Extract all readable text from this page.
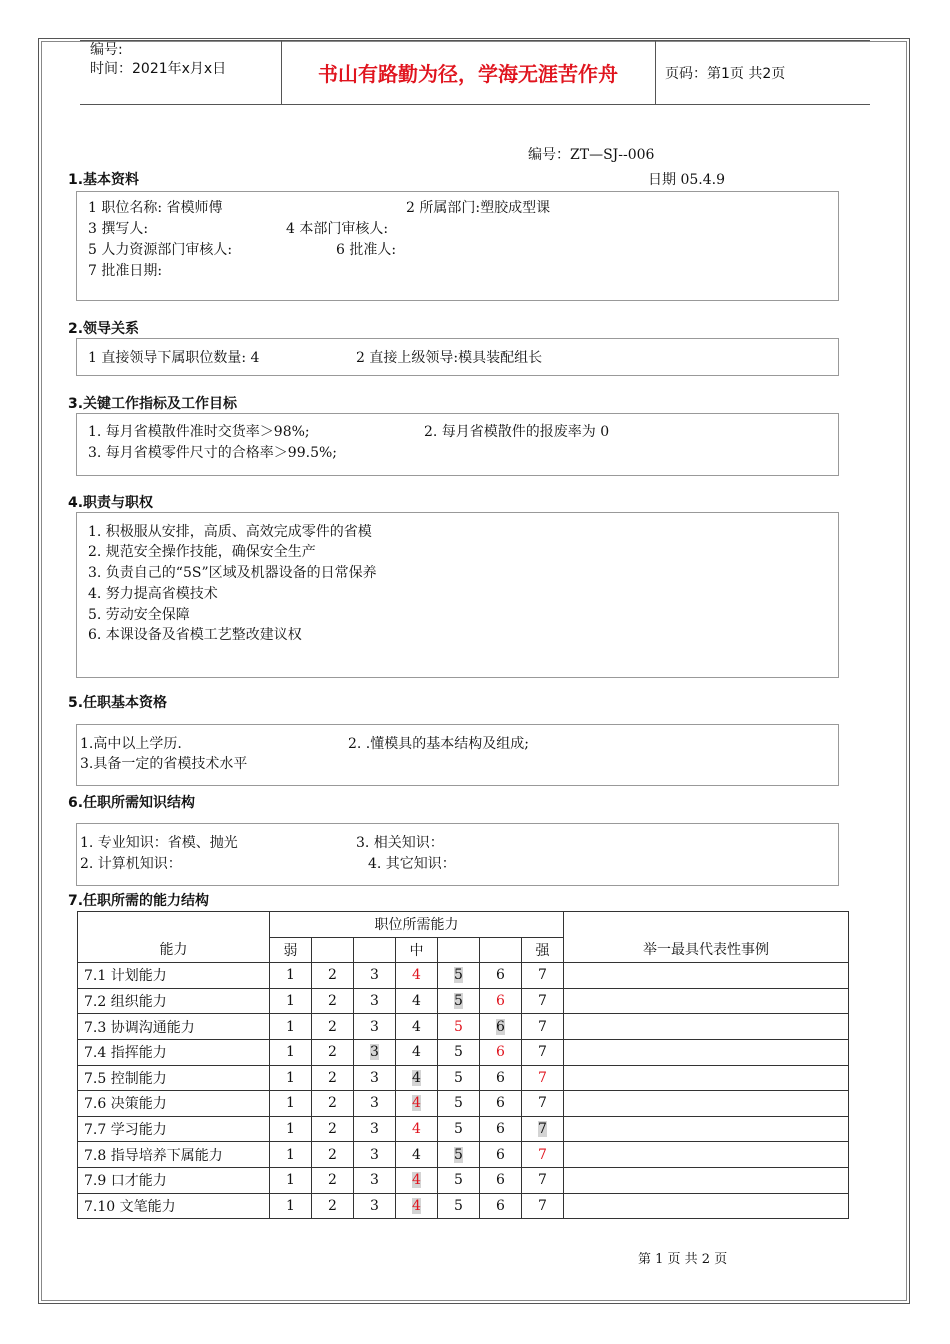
编号:
时间：2021年x月x日	书山有路勤为径，学海无涯苦作舟	页码：第1页 共2页
编号：ZT—SJ--006
日期 05.4.9
1.基本资料
1 职位名称: 省模师傅	2 所属部门:塑胶成型课
3 撰写人:	4 本部门审核人:
5 人力资源部门审核人:	6 批准人:
7 批准日期:
2.领导关系
1 直接领导下属职位数量: 4	2 直接上级领导:模具装配组长
3.关键工作指标及工作目标
1. 每月省模散件准时交货率＞98%;	2. 每月省模散件的报废率为 0
3. 每月省模零件尺寸的合格率＞99.5%;
4.职责与职权
1. 积极服从安排，高质、高效完成零件的省模
2. 规范安全操作技能，确保安全生产
3. 负责自己的“5S”区域及机器设备的日常保养
4. 努力提高省模技术
5. 劳动安全保障
6. 本课设备及省模工艺整改建议权
5.任职基本资格
1.高中以上学历.	2. .懂模具的基本结构及组成;
3.具备一定的省模技术水平
6.任职所需知识结构
1. 专业知识：省模、抛光	3. 相关知识：
2. 计算机知识：	4. 其它知识：
7.任职所需的能力结构
能力	职位所需能力							举一最具代表性事例
	弱			中			强	
7.1 计划能力	1	2	3	4	5	6	7	
7.2 组织能力	1	2	3	4	5	6	7	
7.3 协调沟通能力	1	2	3	4	5	6	7	
7.4 指挥能力	1	2	3	4	5	6	7	
7.5 控制能力	1	2	3	4	5	6	7	
7.6 决策能力	1	2	3	4	5	6	7	
7.7 学习能力	1	2	3	4	5	6	7	
7.8 指导培养下属能力	1	2	3	4	5	6	7	
7.9 口才能力	1	2	3	4	5	6	7	
7.10 文笔能力	1	2	3	4	5	6	7	
第 1 页 共 2 页
